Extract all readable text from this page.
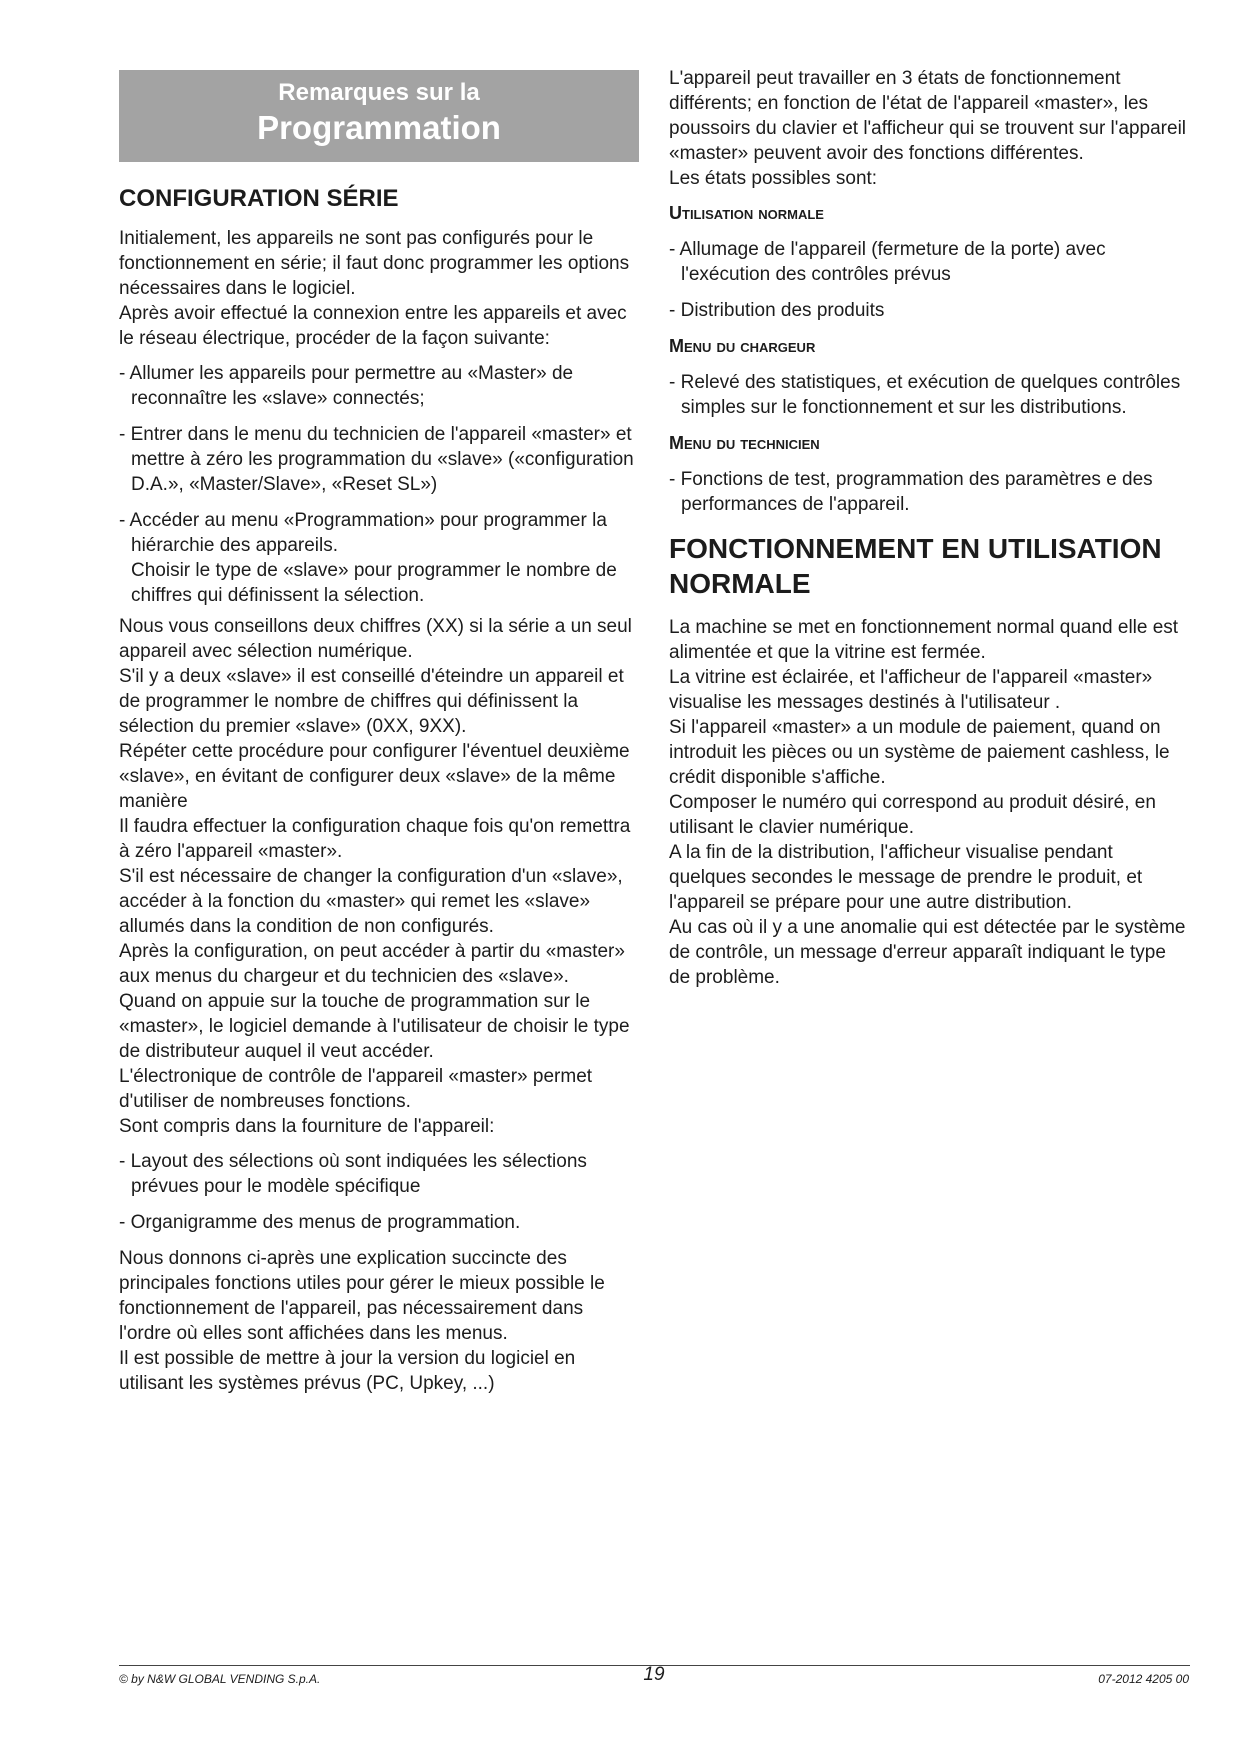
Remarques sur la
Programmation
CONFIGURATION SÉRIE

Initialement, les appareils ne sont pas configurés pour le fonctionnement en série; il faut donc programmer les options nécessaires dans le logiciel.

Après avoir effectué la connexion entre les appareils et avec le réseau électrique, procéder de la façon suivante:

- Allumer les appareils pour permettre au «Master» de reconnaître les «slave» connectés;
- Entrer dans le menu du technicien de l'appareil «master» et mettre à zéro les programmation du «slave» («configuration D.A.», «Master/Slave», «Reset SL»)
- Accéder au menu «Programmation» pour programmer la hiérarchie des appareils.
Choisir le type de «slave» pour programmer le nombre de chiffres qui définissent la sélection.

Nous vous conseillons deux chiffres (XX) si la série a un seul appareil avec sélection numérique.

S'il y a deux «slave» il est conseillé d'éteindre un appareil et de programmer le nombre de chiffres qui définissent la sélection du premier «slave» (0XX, 9XX).

Répéter cette procédure pour configurer l'éventuel deuxième «slave», en évitant de configurer deux «slave» de la même manière

Il faudra effectuer la configuration chaque fois qu'on remettra à zéro l'appareil «master».

S'il est nécessaire de changer la configuration d'un «slave», accéder à la fonction du «master» qui remet les «slave» allumés dans la condition de non configurés.

Après la configuration, on peut accéder à partir du «master» aux menus du chargeur et du technicien des «slave».

Quand on appuie sur la touche de programmation sur le «master», le logiciel demande à l'utilisateur de choisir le type de distributeur auquel il veut accéder.

L'électronique de contrôle de l'appareil «master» permet d'utiliser de nombreuses fonctions.

Sont compris dans la fourniture de l'appareil:

- Layout des sélections où sont indiquées les sélections prévues pour le modèle spécifique
- Organigramme des menus de programmation.

Nous donnons ci-après une explication succincte des principales fonctions utiles pour gérer le mieux possible le fonctionnement de l'appareil, pas nécessairement dans l'ordre où elles sont affichées dans les menus.

Il est possible de mettre à jour la version du logiciel en utilisant les systèmes prévus (PC, Upkey, ...)

L'appareil peut travailler en 3 états de fonctionnement différents; en fonction de l'état de l'appareil «master», les poussoirs du clavier et l'afficheur qui se trouvent sur l'appareil «master» peuvent avoir des fonctions différentes.

Les états possibles sont:

Utilisation normale
- Allumage de l'appareil (fermeture de la porte) avec l'exécution des contrôles prévus
- Distribution des produits
Menu du chargeur
- Relevé des statistiques, et exécution de quelques contrôles simples sur le fonctionnement et sur les distributions.
Menu du technicien
- Fonctions de test, programmation des paramètres e des performances de l'appareil.
FONCTIONNEMENT EN UTILISATION NORMALE

La machine se met en fonctionnement normal quand elle est alimentée et que la vitrine est fermée.

La vitrine est éclairée, et l'afficheur de l'appareil «master» visualise les messages destinés à l'utilisateur .

Si l'appareil «master» a un module de paiement, quand on introduit les pièces ou un système de paiement cashless, le crédit disponible s'affiche.

Composer le numéro qui correspond au produit désiré, en utilisant le clavier numérique.

A la fin de la distribution, l'afficheur visualise pendant quelques secondes le message de prendre le produit, et l'appareil se prépare pour une autre distribution.

Au cas où il y a une anomalie qui est détectée par le système de contrôle, un message d'erreur apparaît indiquant le type de problème.

© by N&W GLOBAL VENDING S.p.A.	19	07-2012 4205 00
